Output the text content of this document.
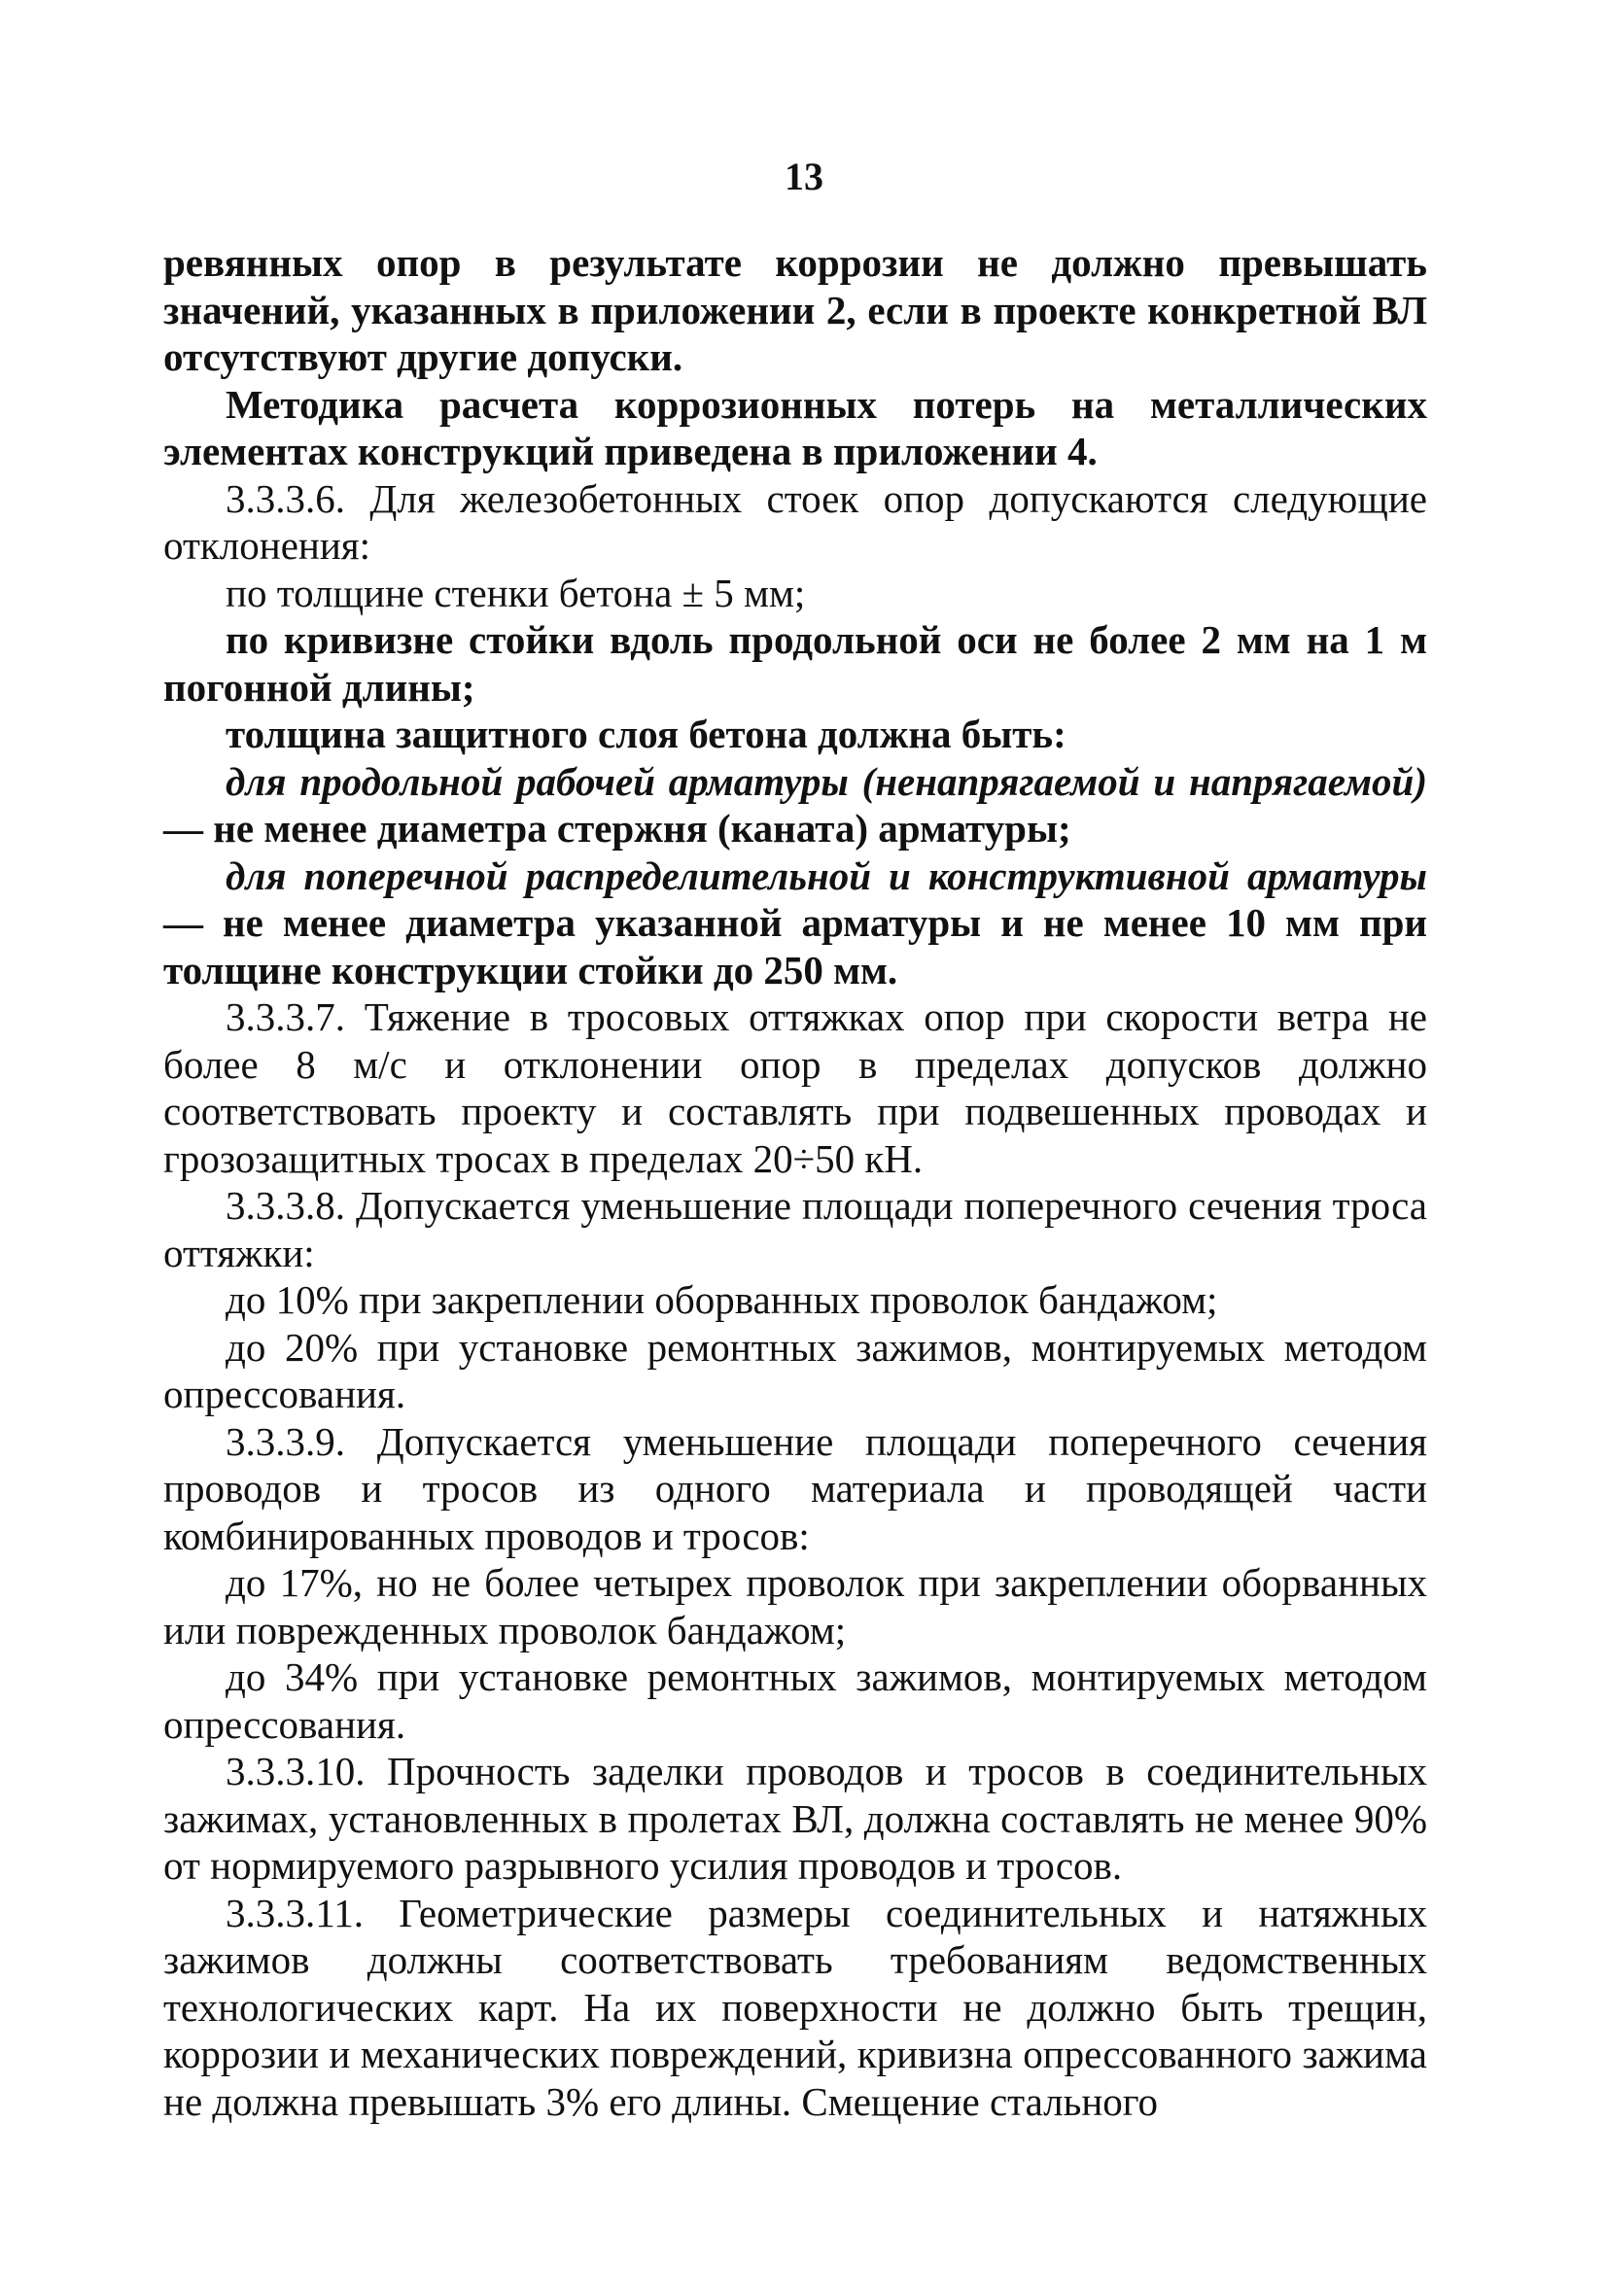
13

ревянных опор в результате коррозии не должно превышать значений, указанных в приложении 2, если в проекте конкретной ВЛ отсутствуют другие допуски.

Методика расчета коррозионных потерь на металлических элементах конструкций приведена в приложении 4.

3.3.3.6. Для железобетонных стоек опор допускаются следующие отклонения:

по толщине стенки бетона ± 5 мм;

по кривизне стойки вдоль продольной оси не более 2 мм на 1 м погонной длины;

толщина защитного слоя бетона должна быть:

для продольной рабочей арматуры (ненапрягаемой и напрягаемой) — не менее диаметра стержня (каната) арматуры;

для поперечной распределительной и конструктивной арматуры — не менее диаметра указанной арматуры и не менее 10 мм при толщине конструкции стойки до 250 мм.

3.3.3.7. Тяжение в тросовых оттяжках опор при скорости ветра не более 8 м/с и отклонении опор в пределах допусков должно соответствовать проекту и составлять при подвешенных проводах и грозозащитных тросах в пределах 20÷50 кН.

3.3.3.8. Допускается уменьшение площади поперечного сечения троса оттяжки:

до 10% при закреплении оборванных проволок бандажом;

до 20% при установке ремонтных зажимов, монтируемых методом опрессования.

3.3.3.9. Допускается уменьшение площади поперечного сечения проводов и тросов из одного материала и проводящей части комбинированных проводов и тросов:

до 17%, но не более четырех проволок при закреплении оборванных или поврежденных проволок бандажом;

до 34% при установке ремонтных зажимов, монтируемых методом опрессования.

3.3.3.10. Прочность заделки проводов и тросов в соединительных зажимах, установленных в пролетах ВЛ, должна составлять не менее 90% от нормируемого разрывного усилия проводов и тросов.

3.3.3.11. Геометрические размеры соединительных и натяжных зажимов должны соответствовать требованиям ведомственных технологических карт. На их поверхности не должно быть трещин, коррозии и механических повреждений, кривизна опрессованного зажима не должна превышать 3% его длины. Смещение стального
